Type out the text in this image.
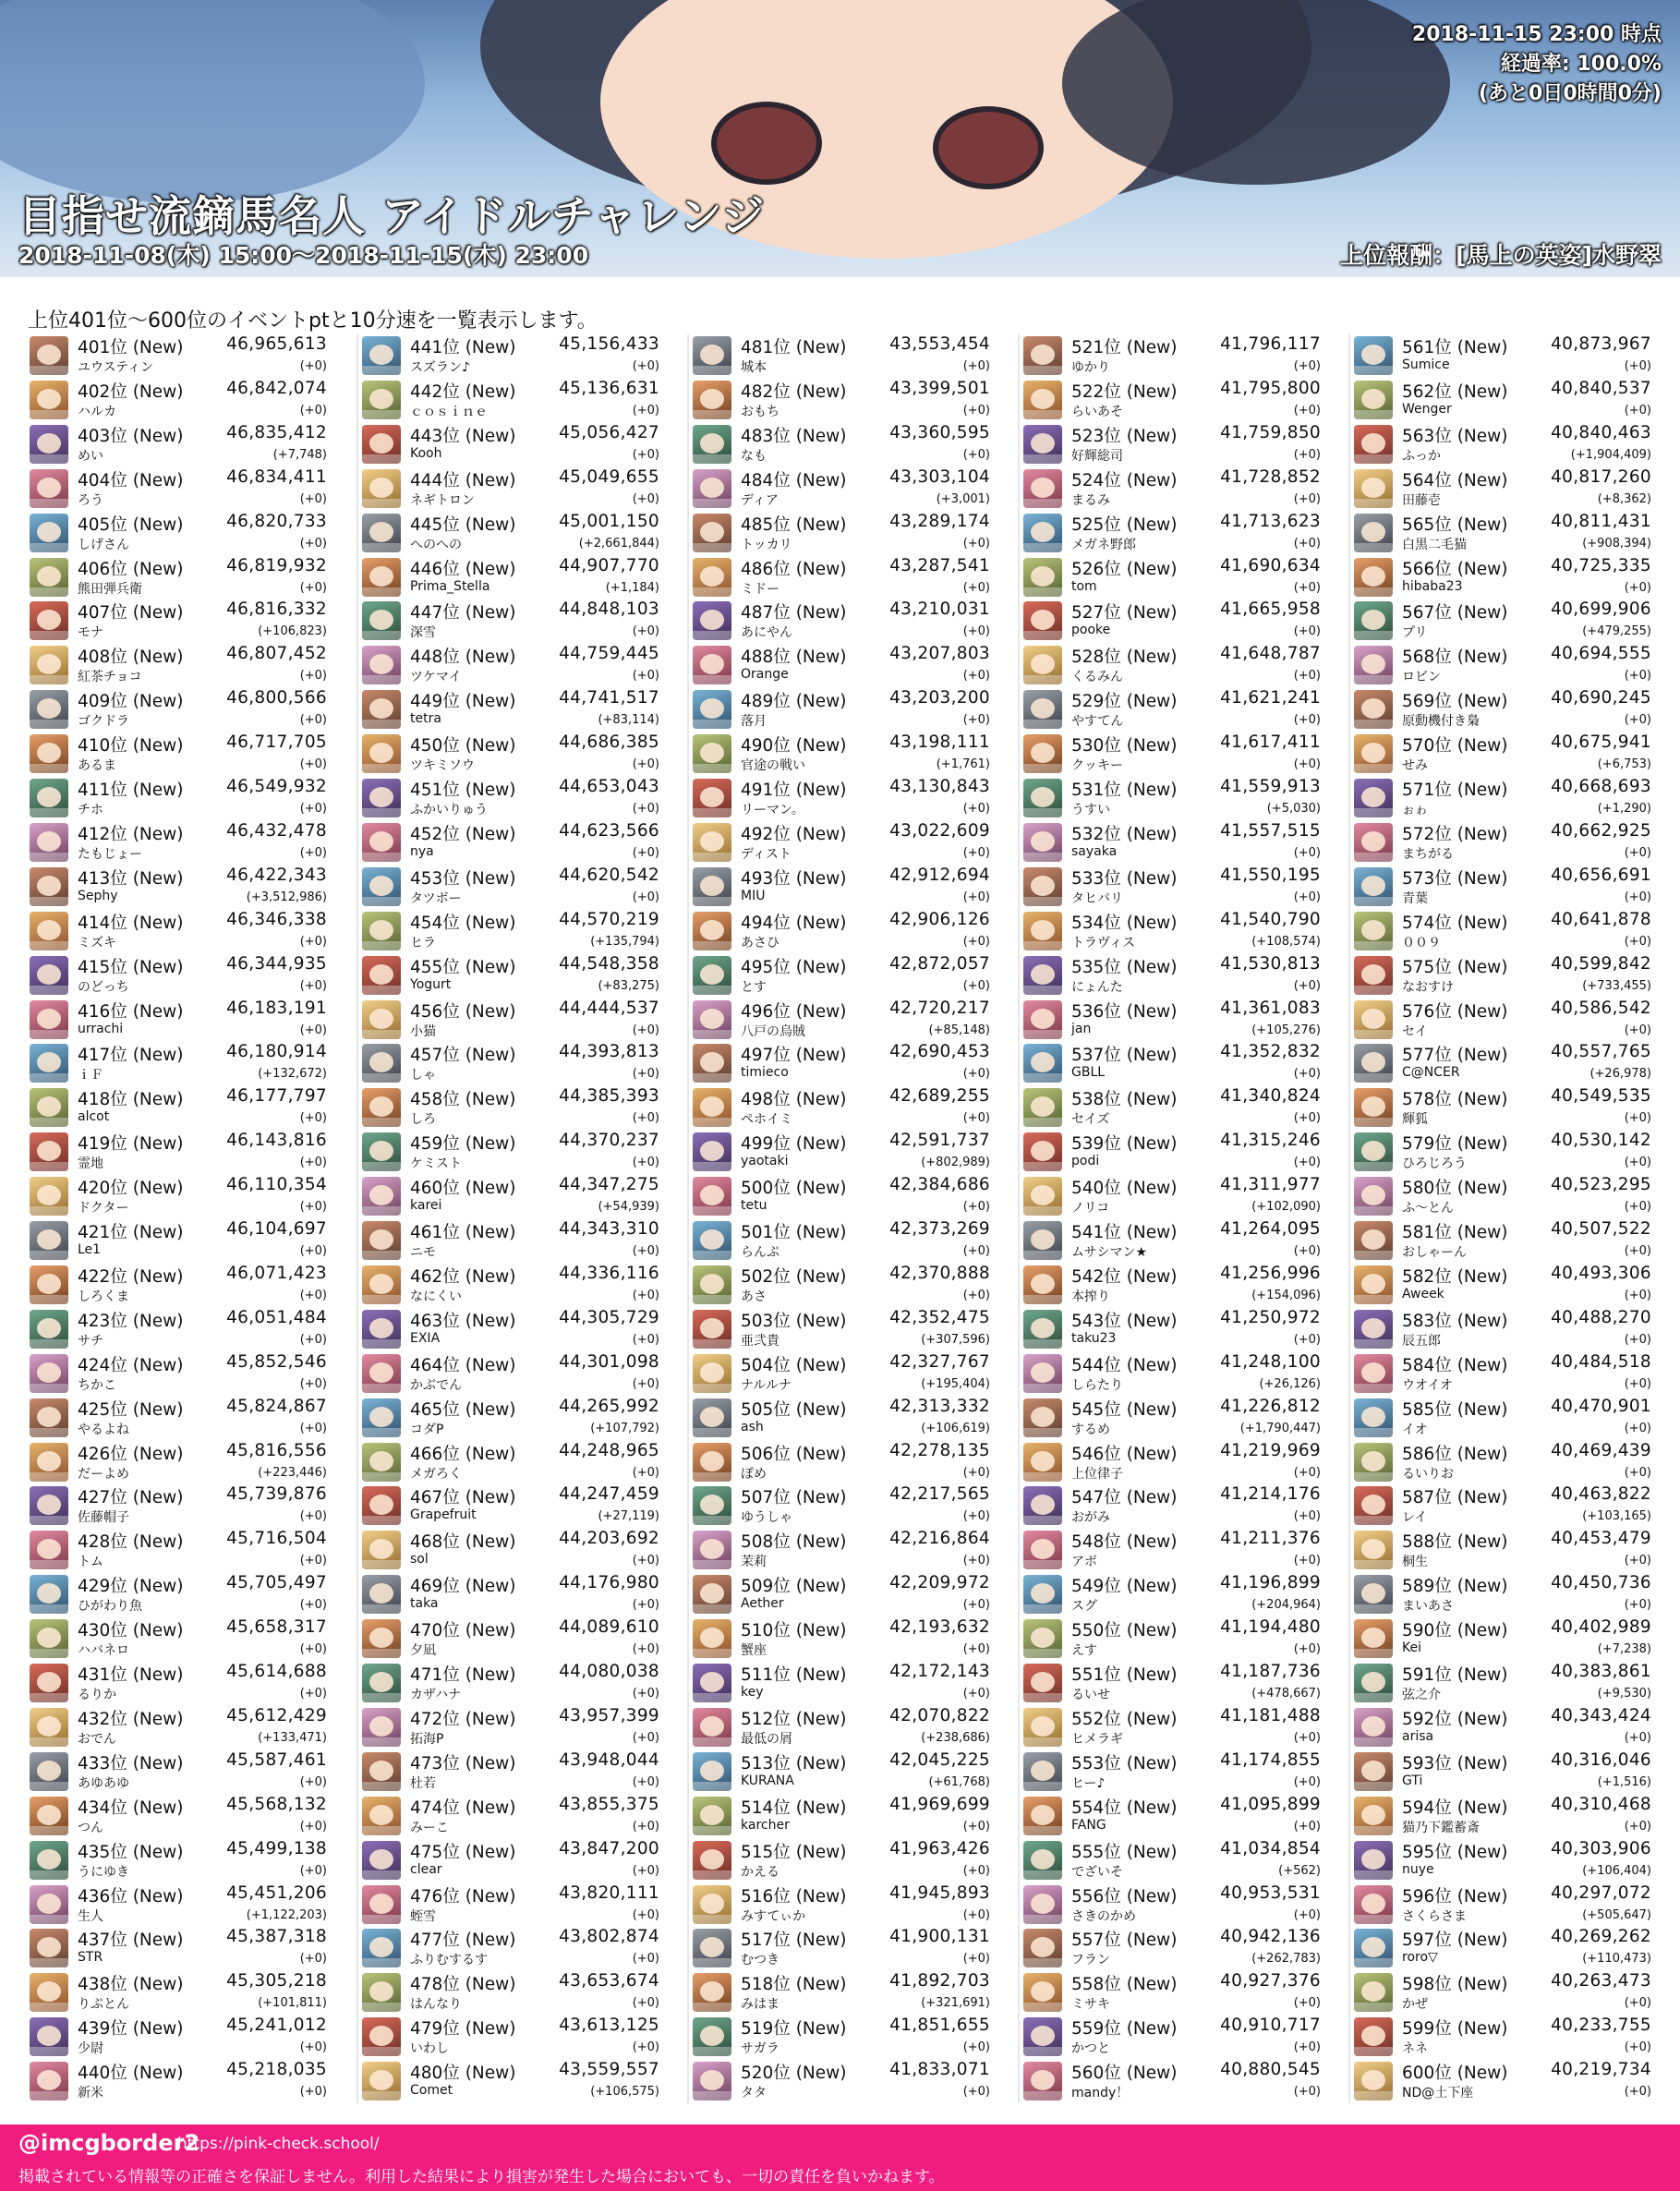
2018-11-15 23:00 時点
経過率: 100.0%
(あと0日0時間0分)
目指せ流鏑馬名人 アイドルチャレンジ
2018-11-08(木) 15:00〜2018-11-15(木) 23:00	上位報酬：[馬上の英姿]水野翠
上位401位〜600位のイベントptと10分速を一覧表示します。
401位 (New)	46,965,613
ユウスティン	(+0)
402位 (New)	46,842,074
ハルカ	(+0)
403位 (New)	46,835,412
めい	(+7,748)
404位 (New)	46,834,411
ろう	(+0)
405位 (New)	46,820,733
しげさん	(+0)
406位 (New)	46,819,932
熊田弾兵衛	(+0)
407位 (New)	46,816,332
モナ	(+106,823)
408位 (New)	46,807,452
紅茶チョコ	(+0)
409位 (New)	46,800,566
ゴクドラ	(+0)
410位 (New)	46,717,705
あるま	(+0)
411位 (New)	46,549,932
チホ	(+0)
412位 (New)	46,432,478
たもじょー	(+0)
413位 (New)	46,422,343
Sephy	(+3,512,986)
414位 (New)	46,346,338
ミズキ	(+0)
415位 (New)	46,344,935
のどっち	(+0)
416位 (New)	46,183,191
urrachi	(+0)
417位 (New)	46,180,914
ｉＦ	(+132,672)
418位 (New)	46,177,797
alcot	(+0)
419位 (New)	46,143,816
霊地	(+0)
420位 (New)	46,110,354
ドクター	(+0)
421位 (New)	46,104,697
Le1	(+0)
422位 (New)	46,071,423
しろくま	(+0)
423位 (New)	46,051,484
サチ	(+0)
424位 (New)	45,852,546
ちかこ	(+0)
425位 (New)	45,824,867
やるよね	(+0)
426位 (New)	45,816,556
だーよめ	(+223,446)
427位 (New)	45,739,876
佐藤帽子	(+0)
428位 (New)	45,716,504
トム	(+0)
429位 (New)	45,705,497
ひがわり魚	(+0)
430位 (New)	45,658,317
ハバネロ	(+0)
431位 (New)	45,614,688
るりか	(+0)
432位 (New)	45,612,429
おでん	(+133,471)
433位 (New)	45,587,461
あゆあゆ	(+0)
434位 (New)	45,568,132
つん	(+0)
435位 (New)	45,499,138
うにゆき	(+0)
436位 (New)	45,451,206
生人	(+1,122,203)
437位 (New)	45,387,318
STR	(+0)
438位 (New)	45,305,218
りぷとん	(+101,811)
439位 (New)	45,241,012
少尉	(+0)
440位 (New)	45,218,035
新米	(+0)
441位 (New)	45,156,433
スズラン♪	(+0)
442位 (New)	45,136,631
ｃｏｓｉｎｅ	(+0)
443位 (New)	45,056,427
Kooh	(+0)
444位 (New)	45,049,655
ネギトロン	(+0)
445位 (New)	45,001,150
へのへの	(+2,661,844)
446位 (New)	44,907,770
Prima_Stella	(+1,184)
447位 (New)	44,848,103
深雪	(+0)
448位 (New)	44,759,445
ツケマイ	(+0)
449位 (New)	44,741,517
tetra	(+83,114)
450位 (New)	44,686,385
ツキミソウ	(+0)
451位 (New)	44,653,043
ふかいりゅう	(+0)
452位 (New)	44,623,566
nya	(+0)
453位 (New)	44,620,542
タツボー	(+0)
454位 (New)	44,570,219
ヒラ	(+135,794)
455位 (New)	44,548,358
Yogurt	(+83,275)
456位 (New)	44,444,537
小猫	(+0)
457位 (New)	44,393,813
しゃ	(+0)
458位 (New)	44,385,393
しろ	(+0)
459位 (New)	44,370,237
ケミスト	(+0)
460位 (New)	44,347,275
karei	(+54,939)
461位 (New)	44,343,310
ニモ	(+0)
462位 (New)	44,336,116
なにくい	(+0)
463位 (New)	44,305,729
EXIA	(+0)
464位 (New)	44,301,098
かぶでん	(+0)
465位 (New)	44,265,992
コダP	(+107,792)
466位 (New)	44,248,965
メガろく	(+0)
467位 (New)	44,247,459
Grapefruit	(+27,119)
468位 (New)	44,203,692
sol	(+0)
469位 (New)	44,176,980
taka	(+0)
470位 (New)	44,089,610
夕凪	(+0)
471位 (New)	44,080,038
カザハナ	(+0)
472位 (New)	43,957,399
拓海P	(+0)
473位 (New)	43,948,044
杜若	(+0)
474位 (New)	43,855,375
みーこ	(+0)
475位 (New)	43,847,200
clear	(+0)
476位 (New)	43,820,111
蛭雪	(+0)
477位 (New)	43,802,874
ふりむするす	(+0)
478位 (New)	43,653,674
はんなり	(+0)
479位 (New)	43,613,125
いわし	(+0)
480位 (New)	43,559,557
Comet	(+106,575)
481位 (New)	43,553,454
城本	(+0)
482位 (New)	43,399,501
おもち	(+0)
483位 (New)	43,360,595
なも	(+0)
484位 (New)	43,303,104
ディア	(+3,001)
485位 (New)	43,289,174
トッカリ	(+0)
486位 (New)	43,287,541
ミドー	(+0)
487位 (New)	43,210,031
あにやん	(+0)
488位 (New)	43,207,803
Orange	(+0)
489位 (New)	43,203,200
落月	(+0)
490位 (New)	43,198,111
官途の戦い	(+1,761)
491位 (New)	43,130,843
リーマン。	(+0)
492位 (New)	43,022,609
ディスト	(+0)
493位 (New)	42,912,694
MIU	(+0)
494位 (New)	42,906,126
あさひ	(+0)
495位 (New)	42,872,057
とす	(+0)
496位 (New)	42,720,217
八戸の烏賊	(+85,148)
497位 (New)	42,690,453
timieco	(+0)
498位 (New)	42,689,255
ペホイミ	(+0)
499位 (New)	42,591,737
yaotaki	(+802,989)
500位 (New)	42,384,686
tetu	(+0)
501位 (New)	42,373,269
らんぷ	(+0)
502位 (New)	42,370,888
あさ	(+0)
503位 (New)	42,352,475
亜弐貴	(+307,596)
504位 (New)	42,327,767
ナルルナ	(+195,404)
505位 (New)	42,313,332
ash	(+106,619)
506位 (New)	42,278,135
ぽめ	(+0)
507位 (New)	42,217,565
ゆうしゃ	(+0)
508位 (New)	42,216,864
茉莉	(+0)
509位 (New)	42,209,972
Aether	(+0)
510位 (New)	42,193,632
蟹座	(+0)
511位 (New)	42,172,143
key	(+0)
512位 (New)	42,070,822
最低の屑	(+238,686)
513位 (New)	42,045,225
KURANA	(+61,768)
514位 (New)	41,969,699
karcher	(+0)
515位 (New)	41,963,426
かえる	(+0)
516位 (New)	41,945,893
みすてぃか	(+0)
517位 (New)	41,900,131
むつき	(+0)
518位 (New)	41,892,703
みはま	(+321,691)
519位 (New)	41,851,655
サガラ	(+0)
520位 (New)	41,833,071
タタ	(+0)
521位 (New)	41,796,117
ゆかり	(+0)
522位 (New)	41,795,800
らいあそ	(+0)
523位 (New)	41,759,850
好輝総司	(+0)
524位 (New)	41,728,852
まるみ	(+0)
525位 (New)	41,713,623
メガネ野郎	(+0)
526位 (New)	41,690,634
tom	(+0)
527位 (New)	41,665,958
pooke	(+0)
528位 (New)	41,648,787
くるみん	(+0)
529位 (New)	41,621,241
やすてん	(+0)
530位 (New)	41,617,411
クッキー	(+0)
531位 (New)	41,559,913
うすい	(+5,030)
532位 (New)	41,557,515
sayaka	(+0)
533位 (New)	41,550,195
タヒバリ	(+0)
534位 (New)	41,540,790
トラヴィス	(+108,574)
535位 (New)	41,530,813
にょんた	(+0)
536位 (New)	41,361,083
jan	(+105,276)
537位 (New)	41,352,832
GBLL	(+0)
538位 (New)	41,340,824
セイズ	(+0)
539位 (New)	41,315,246
podi	(+0)
540位 (New)	41,311,977
ノリコ	(+102,090)
541位 (New)	41,264,095
ムサシマン★	(+0)
542位 (New)	41,256,996
本搾り	(+154,096)
543位 (New)	41,250,972
taku23	(+0)
544位 (New)	41,248,100
しらたり	(+26,126)
545位 (New)	41,226,812
するめ	(+1,790,447)
546位 (New)	41,219,969
上位律子	(+0)
547位 (New)	41,214,176
おがみ	(+0)
548位 (New)	41,211,376
アボ	(+0)
549位 (New)	41,196,899
スグ	(+204,964)
550位 (New)	41,194,480
えす	(+0)
551位 (New)	41,187,736
るいせ	(+478,667)
552位 (New)	41,181,488
ヒメラギ	(+0)
553位 (New)	41,174,855
ヒー♪	(+0)
554位 (New)	41,095,899
FANG	(+0)
555位 (New)	41,034,854
でざいそ	(+562)
556位 (New)	40,953,531
さきのかめ	(+0)
557位 (New)	40,942,136
フラン	(+262,783)
558位 (New)	40,927,376
ミサキ	(+0)
559位 (New)	40,910,717
かつと	(+0)
560位 (New)	40,880,545
mandy！	(+0)
561位 (New)	40,873,967
Sumice	(+0)
562位 (New)	40,840,537
Wenger	(+0)
563位 (New)	40,840,463
ふっか	(+1,904,409)
564位 (New)	40,817,260
田藤壱	(+8,362)
565位 (New)	40,811,431
白黒二毛猫	(+908,394)
566位 (New)	40,725,335
hibaba23	(+0)
567位 (New)	40,699,906
プリ	(+479,255)
568位 (New)	40,694,555
ロビン	(+0)
569位 (New)	40,690,245
原動機付き梟	(+0)
570位 (New)	40,675,941
せみ	(+6,753)
571位 (New)	40,668,693
ぉゎ	(+1,290)
572位 (New)	40,662,925
まちがる	(+0)
573位 (New)	40,656,691
青葉	(+0)
574位 (New)	40,641,878
００９	(+0)
575位 (New)	40,599,842
なおすけ	(+733,455)
576位 (New)	40,586,542
セイ	(+0)
577位 (New)	40,557,765
C@NCER	(+26,978)
578位 (New)	40,549,535
輝狐	(+0)
579位 (New)	40,530,142
ひろじろう	(+0)
580位 (New)	40,523,295
ふ〜とん	(+0)
581位 (New)	40,507,522
おしゃーん	(+0)
582位 (New)	40,493,306
Aweek	(+0)
583位 (New)	40,488,270
辰五郎	(+0)
584位 (New)	40,484,518
ウオイオ	(+0)
585位 (New)	40,470,901
イオ	(+0)
586位 (New)	40,469,439
るいりお	(+0)
587位 (New)	40,463,822
レイ	(+103,165)
588位 (New)	40,453,479
桐生	(+0)
589位 (New)	40,450,736
まいあさ	(+0)
590位 (New)	40,402,989
Kei	(+7,238)
591位 (New)	40,383,861
弦之介	(+9,530)
592位 (New)	40,343,424
arisa	(+0)
593位 (New)	40,316,046
GTi	(+1,516)
594位 (New)	40,310,468
猫乃下鑑蓄斎	(+0)
595位 (New)	40,303,906
nuye	(+106,404)
596位 (New)	40,297,072
さくらさま	(+505,647)
597位 (New)	40,269,262
roro▽	(+110,473)
598位 (New)	40,263,473
かぜ	(+0)
599位 (New)	40,233,755
ネネ	(+0)
600位 (New)	40,219,734
ND@土下座	(+0)
@imcgborder2
https://pink-check.school/
掲載されている情報等の正確さを保証しません。利用した結果により損害が発生した場合においても、一切の責任を負いかねます。
